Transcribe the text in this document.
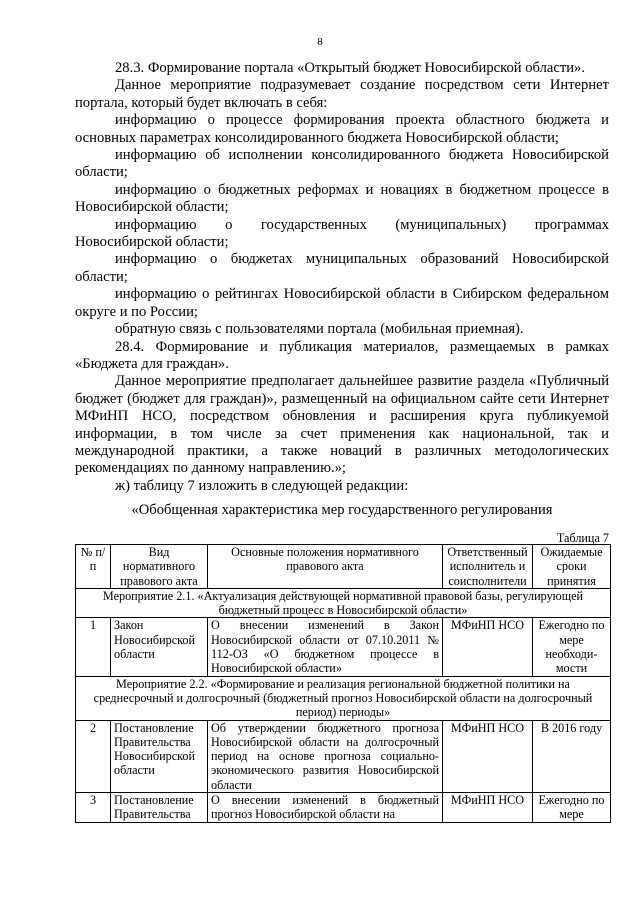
8

28.3. Формирование портала «Открытый бюджет Новосибирской области».

Данное мероприятие подразумевает создание посредством сети Интернет портала, который будет включать в себя:

информацию о процессе формирования проекта областного бюджета и основных параметрах консолидированного бюджета Новосибирской области;

информацию об исполнении консолидированного бюджета Новосибирской области;

информацию о бюджетных реформах и новациях в бюджетном процессе в Новосибирской области;

информацию о государственных (муниципальных) программах Новосибирской области;

информацию о бюджетах муниципальных образований Новосибирской области;

информацию о рейтингах Новосибирской области в Сибирском федеральном округе и по России;

обратную связь с пользователями портала (мобильная приемная).

28.4. Формирование и публикация материалов, размещаемых в рамках «Бюджета для граждан».

Данное мероприятие предполагает дальнейшее развитие раздела «Публичный бюджет (бюджет для граждан)», размещенный на официальном сайте сети Интернет МФиНП НСО, посредством обновления и расширения круга публикуемой информации, в том числе за счет применения как национальной, так и международной практики, а также новаций в различных методологических рекомендациях по данному направлению.»;

ж) таблицу 7 изложить в следующей редакции:

«Обобщенная характеристика мер государственного регулирования
Таблица 7
№ п/п	Вид нормативного правового акта	Основные положения нормативного правового акта	Ответственный исполнитель и соисполнители	Ожидаемые сроки принятия
Мероприятие 2.1. «Актуализация действующей нормативной правовой базы, регулирующей бюджетный процесс в Новосибирской области»				
1	Закон Новосибирской области	О внесении изменений в Закон Новосибирской области от 07.10.2011 № 112-ОЗ «О бюджетном процессе в Новосибирской области»	МФиНП НСО	Ежегодно по мере необходи-мости
Мероприятие 2.2. «Формирование и реализация региональной бюджетной политики на среднесрочный и долгосрочный (бюджетный прогноз Новосибирской области на долгосрочный период) периоды»				
2	Постановление Правительства Новосибирской области	Об утверждении бюджетного прогноза Новосибирской области на долгосрочный период на основе прогноза социально-экономического развития Новосибирской области	МФиНП НСО	В 2016 году
3	Постановление Правительства	О внесении изменений в бюджетный прогноз Новосибирской области на	МФиНП НСО	Ежегодно по мере
